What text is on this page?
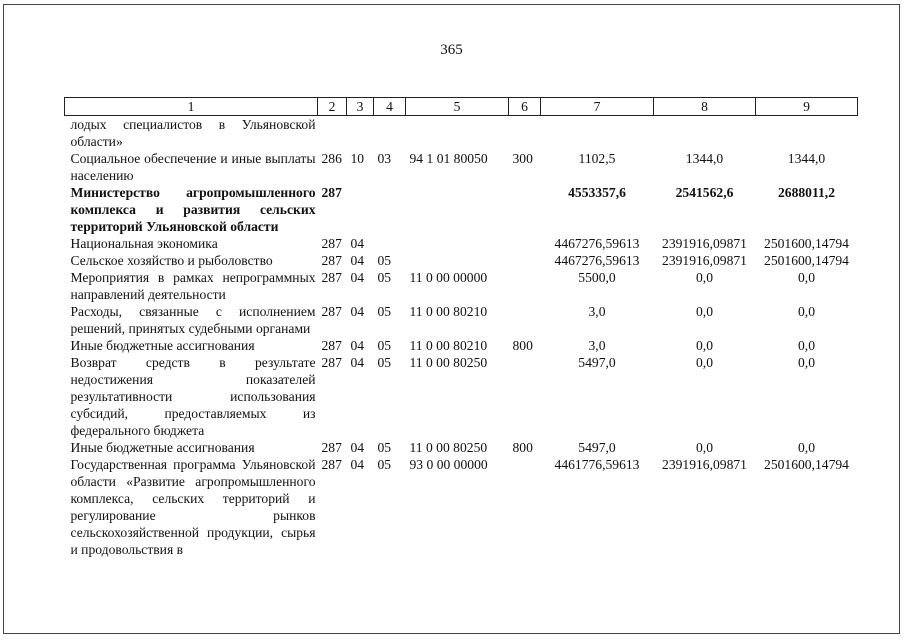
365
1	2	3	4	5	6	7	8	9
лодых специалистов в Ульяновской области»								
Социальное обеспечение и иные выплаты населению	286	10	03	94 1 01 80050	300	1102,5	1344,0	1344,0
Министерство агропромышленного комплекса и развития сельских территорий Ульяновской области	287					4553357,6	2541562,6	2688011,2
Национальная экономика	287	04				4467276,59613	2391916,09871	2501600,14794
Сельское хозяйство и рыболовство	287	04	05			4467276,59613	2391916,09871	2501600,14794
Мероприятия в рамках непрограммных направлений деятельности	287	04	05	11 0 00 00000		5500,0	0,0	0,0
Расходы, связанные с исполнением решений, принятых судебными органами	287	04	05	11 0 00 80210		3,0	0,0	0,0
Иные бюджетные ассигнования	287	04	05	11 0 00 80210	800	3,0	0,0	0,0
Возврат средств в результате недостижения показателей результативности использования субсидий, предоставляемых из федерального бюджета	287	04	05	11 0 00 80250		5497,0	0,0	0,0
Иные бюджетные ассигнования	287	04	05	11 0 00 80250	800	5497,0	0,0	0,0
Государственная программа Ульяновской области «Развитие агропромышленного комплекса, сельских территорий и регулирование рынков сельскохозяйственной продукции, сырья и продовольствия в	287	04	05	93 0 00 00000		4461776,59613	2391916,09871	2501600,14794
